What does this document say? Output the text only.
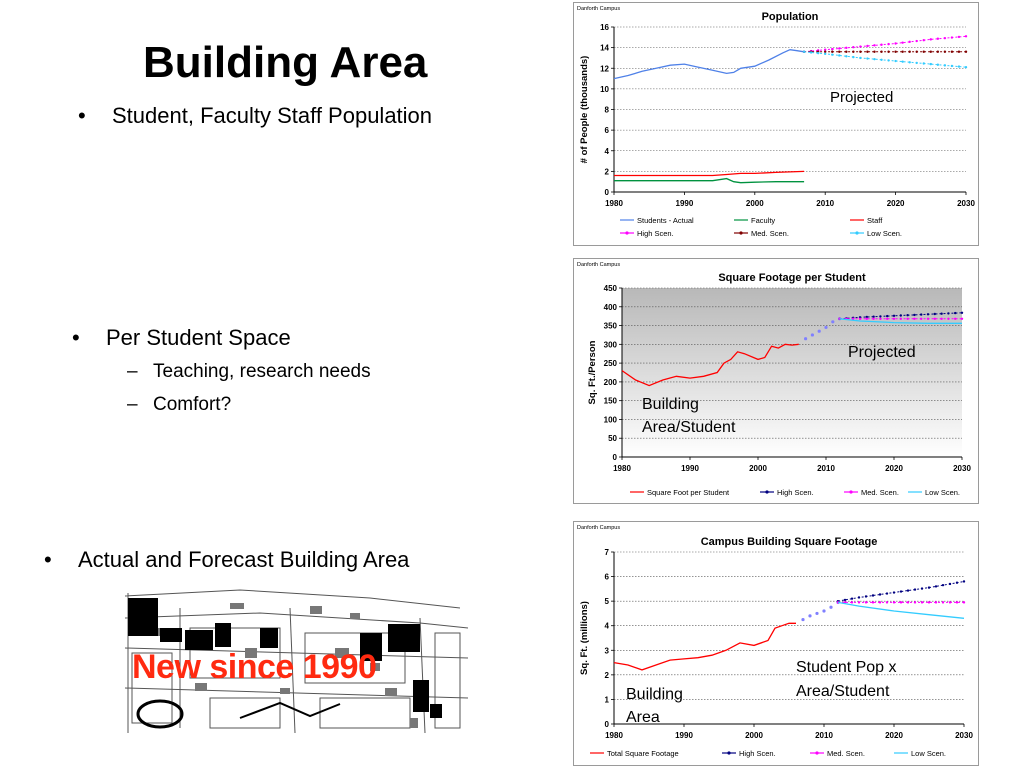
Building Area
• Student, Faculty Staff Population
• Per Student Space
– Teaching, research needs
– Comfort?
• Actual and Forecast Building Area
New since 1990
Danforth Campus
0
2
4
6
8
10
12
14
16
1980	1990	2000	2010	2020	2030
Population
# of People (thousands)	Projected
Students - Actual	Faculty	Staff
High Scen.	Med. Scen.	Low Scen.
Danforth Campus
0
50
100
150
200
250
300
350
400
450
1980	1990	2000	2010	2020	2030
Square Footage per Student
Sq. Ft./Person	Projected
Building
Area/Student
Square Foot per Student	High Scen.	Med. Scen.	Low Scen.
Danforth Campus
0
1
2
3
4
5
6
7
1980	1990	2000	2010	2020	2030
Campus Building Square Footage
Sq. Ft. (millions)	Student Pop x
Area/Student
Building
Area
Total Square Footage	High Scen.	Med. Scen.	Low Scen.
